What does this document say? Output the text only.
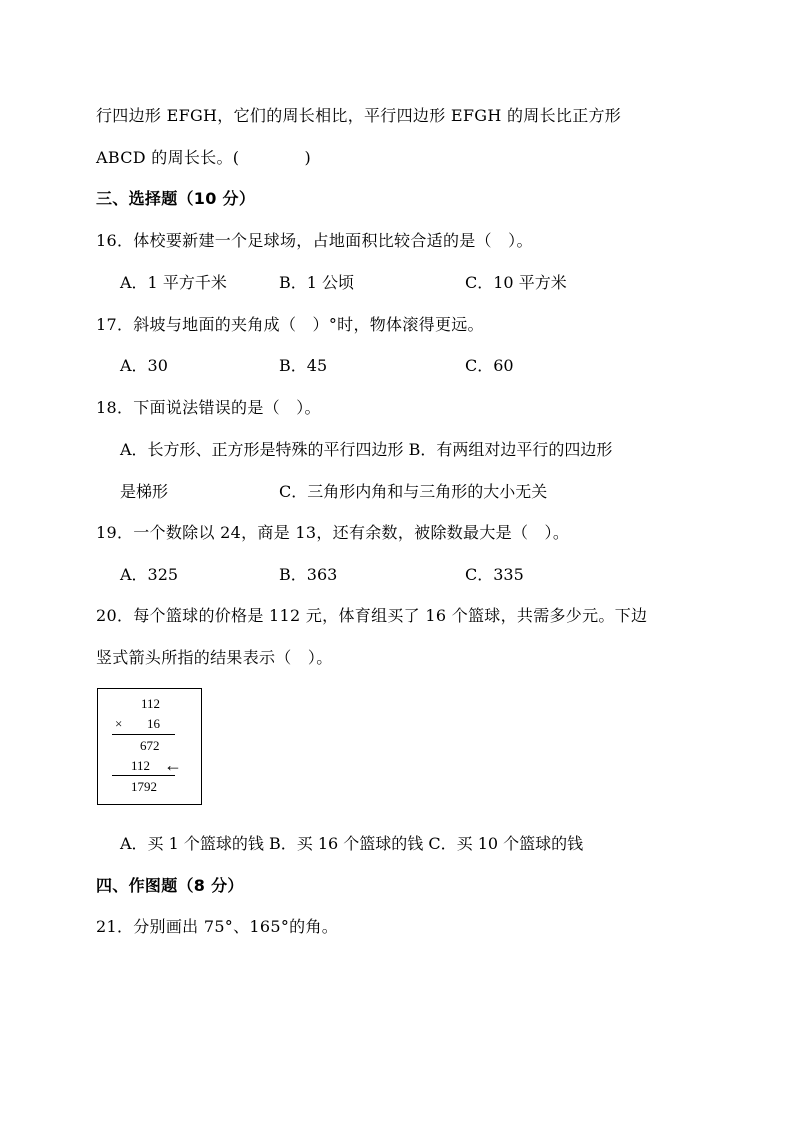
行四边形 EFGH，它们的周长相比，平行四边形 EFGH 的周长比正方形
ABCD 的周长长。(　　　　)
三、选择题（10 分）
16．体校要新建一个足球场，占地面积比较合适的是（　）。
A．1 平方千米	B．1 公顷	C．10 平方米
17．斜坡与地面的夹角成（　）°时，物体滚得更远。
A．30	B．45	C．60
18．下面说法错误的是（　）。
A．长方形、正方形是特殊的平行四边形 B．有两组对边平行的四边形
是梯形	C．三角形内角和与三角形的大小无关
19．一个数除以 24，商是 13，还有余数，被除数最大是（　）。
A．325	B．363	C．335
20．每个篮球的价格是 112 元，体育组买了 16 个篮球，共需多少元。下边
竖式箭头所指的结果表示（　）。
112
× 16
672
112 ←
1792
A．买 1 个篮球的钱 B．买 16 个篮球的钱 C．买 10 个篮球的钱
四、作图题（8 分）
21．分别画出 75°、165°的角。
